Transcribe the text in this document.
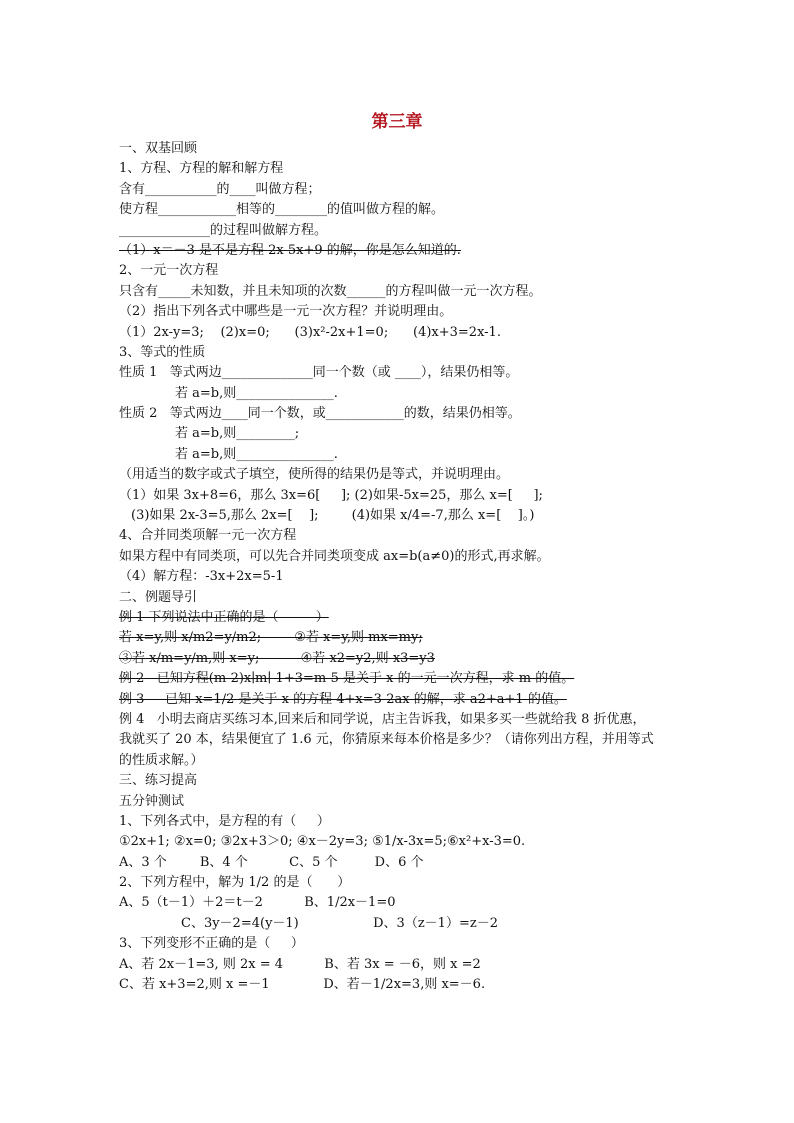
第三章
一、双基回顾
1、方程、方程的解和解方程
含有___________的____叫做方程；
使方程____________相等的________的值叫做方程的解。
______________的过程叫做解方程。
（1）x＝－3 是不是方程 2x-5x+9 的解，你是怎么知道的.
2、一元一次方程
只含有_____未知数，并且未知项的次数______的方程叫做一元一次方程。
（2）指出下列各式中哪些是一元一次方程？并说明理由。
（1）2x-y=3;    (2)x=0;      (3)x²-2x+1=0;      (4)x+3=2x-1.
3、等式的性质
性质 1   等式两边______________同一个数（或 ____），结果仍相等。
若 a=b,则_______________.
性质 2   等式两边____同一个数，或____________的数，结果仍相等。
若 a=b,则_________;
若 a=b,则_______________.
（用适当的数字或式子填空，使所得的结果仍是等式，并说明理由。
（1）如果 3x+8=6，那么 3x=6[     ]; (2)如果-5x=25，那么 x=[     ];
(3)如果 2x-3=5,那么 2x=[    ];        (4)如果 x/4=-7,那么 x=[    ]。)
4、合并同类项解一元一次方程
如果方程中有同类项，可以先合并同类项变成 ax=b(a≠0)的形式,再求解。
（4）解方程：-3x+2x=5-1
二、例题导引
例 1 下列说法中正确的是（         ）
若 x=y,则 x/m2=y/m2;        ②若 x=y,则 mx=my;
③若 x/m=y/m,则 x=y;          ④若 x2=y2,则 x3=y3
例 2   已知方程(m-2)x∣m∣-1+3=m-5 是关于 x 的一元一次方程，求 m 的值。
例 3     已知 x=1/2 是关于 x 的方程 4+x=3-2ax 的解，求 a2+a+1 的值。
例 4   小明去商店买练习本,回来后和同学说，店主告诉我，如果多买一些就给我 8 折优惠，
我就买了 20 本，结果便宜了 1.6 元，你猜原来每本价格是多少？（请你列出方程，并用等式
的性质求解。）
三、练习提高
五分钟测试
1、下列各式中，是方程的有（     ）
①2x+1; ②x=0; ③2x+3＞0; ④x－2y=3; ⑤1/x-3x=5;⑥x²+x-3=0.
A、3 个        B、4 个          C、5 个         D、6 个
2、下列方程中，解为 1/2 的是（      ）
A、5（t－1）＋2＝t－2          B、1/2x－1=0
C、3y－2=4(y－1)                  D、3（z－1）=z－2
3、下列变形不正确的是（     ）
A、若 2x－1=3, 则 2x = 4          B、若 3x = －6，则 x =2
C、若 x+3=2,则 x =－1             D、若－1/2x=3,则 x=－6.
